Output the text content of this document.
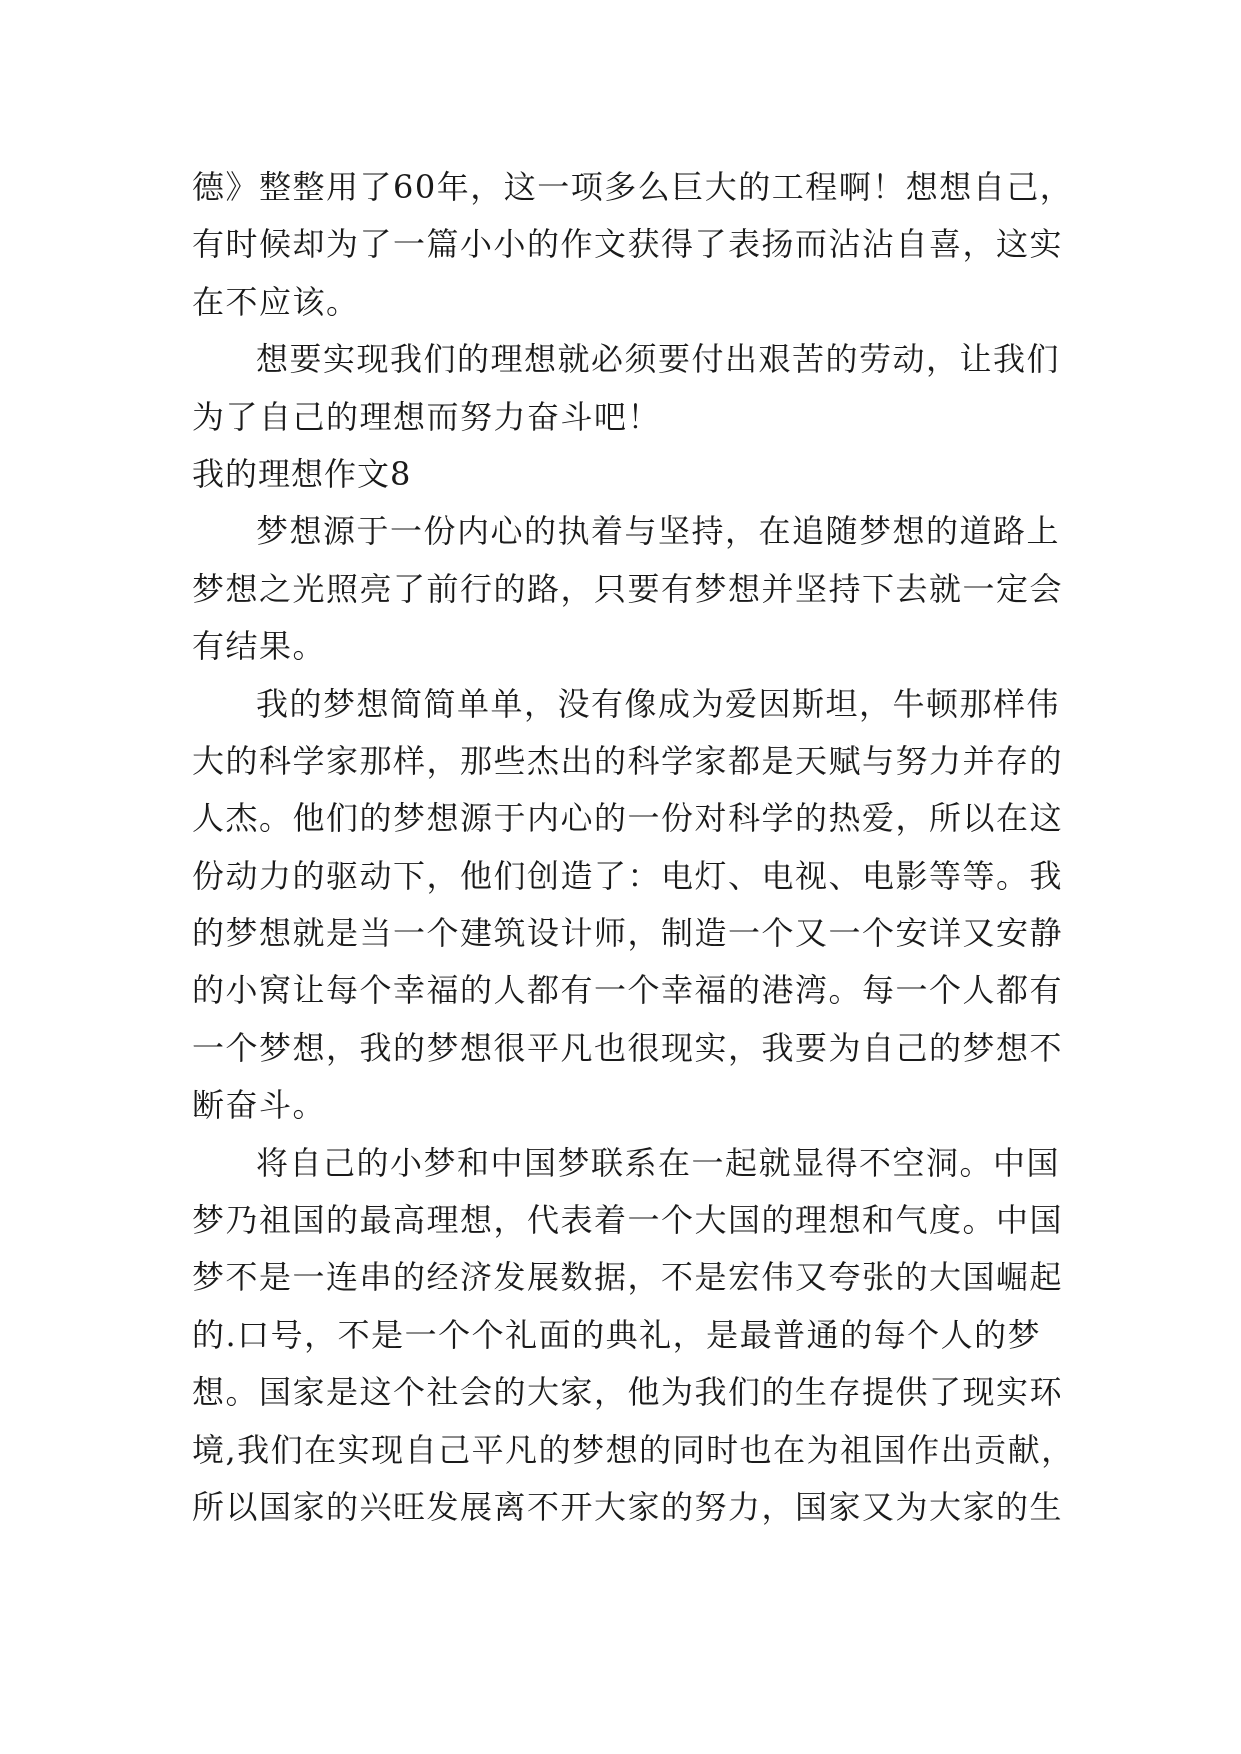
德》整整用了60年，这一项多么巨大的工程啊！想想自己，
有时候却为了一篇小小的作文获得了表扬而沾沾自喜，这实
在不应该。
想要实现我们的理想就必须要付出艰苦的劳动，让我们
为了自己的理想而努力奋斗吧！
我的理想作文8
梦想源于一份内心的执着与坚持，在追随梦想的道路上
梦想之光照亮了前行的路，只要有梦想并坚持下去就一定会
有结果。
我的梦想简简单单，没有像成为爱因斯坦，牛顿那样伟
大的科学家那样，那些杰出的科学家都是天赋与努力并存的
人杰。他们的梦想源于内心的一份对科学的热爱，所以在这
份动力的驱动下，他们创造了：电灯、电视、电影等等。我
的梦想就是当一个建筑设计师，制造一个又一个安详又安静
的小窝让每个幸福的人都有一个幸福的港湾。每一个人都有
一个梦想，我的梦想很平凡也很现实，我要为自己的梦想不
断奋斗。
将自己的小梦和中国梦联系在一起就显得不空洞。中国
梦乃祖国的最高理想，代表着一个大国的理想和气度。中国
梦不是一连串的经济发展数据，不是宏伟又夸张的大国崛起
的.口号，不是一个个礼面的典礼，是最普通的每个人的梦
想。国家是这个社会的大家，他为我们的生存提供了现实环
境,我们在实现自己平凡的梦想的同时也在为祖国作出贡献，
所以国家的兴旺发展离不开大家的努力，国家又为大家的生
